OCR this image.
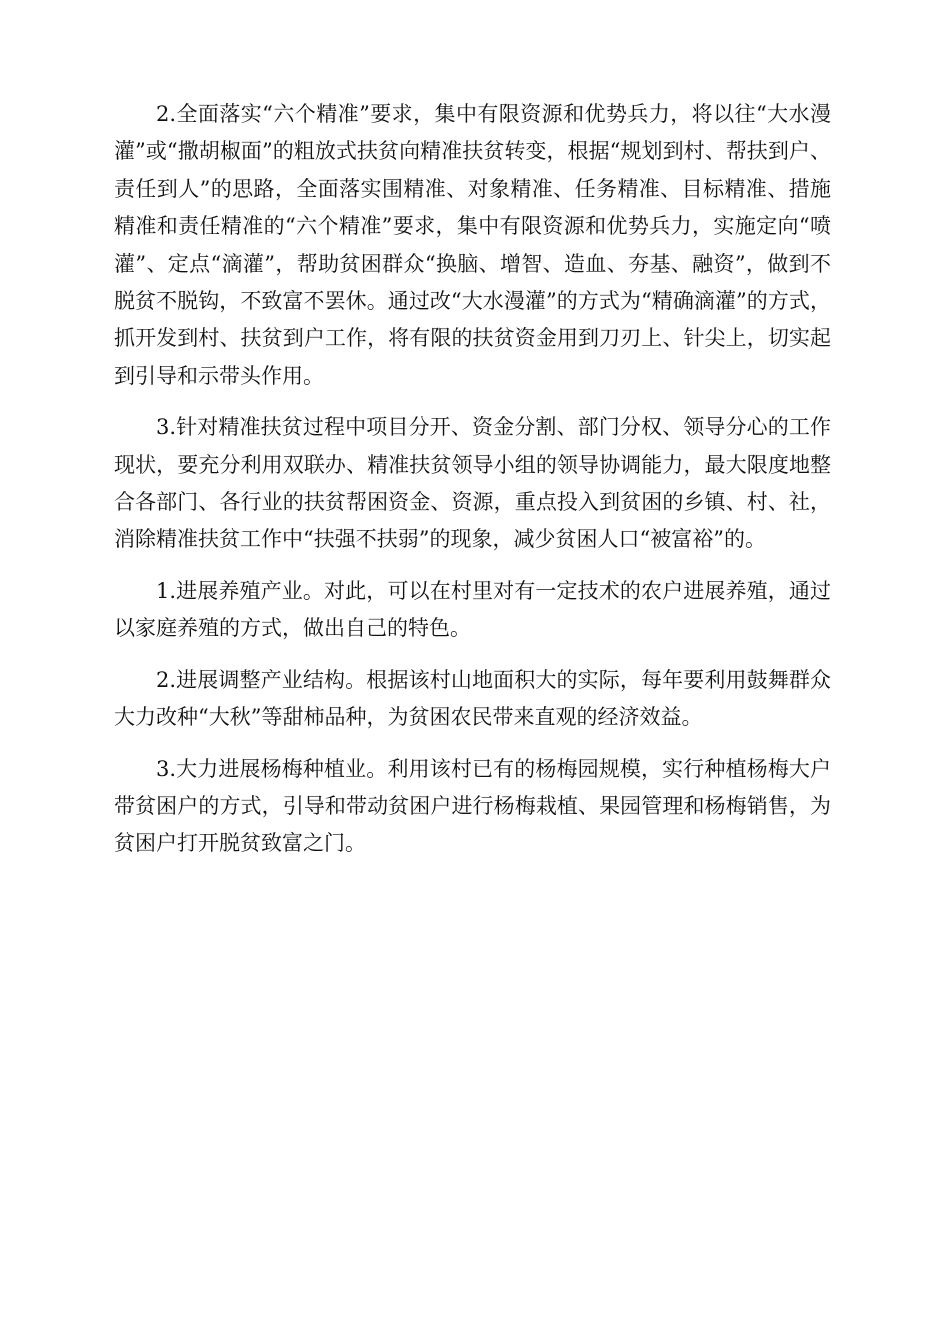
2.全面落实“六个精准”要求，集中有限资源和优势兵力，将以往“大水漫灌”或“撒胡椒面”的粗放式扶贫向精准扶贫转变，根据“规划到村、帮扶到户、责任到人”的思路，全面落实围精准、对象精准、任务精准、目标精准、措施精准和责任精准的“六个精准”要求，集中有限资源和优势兵力，实施定向“喷灌”、定点“滴灌”，帮助贫困群众“换脑、增智、造血、夯基、融资”，做到不脱贫不脱钩，不致富不罢休。通过改“大水漫灌”的方式为“精确滴灌”的方式，抓开发到村、扶贫到户工作，将有限的扶贫资金用到刀刃上、针尖上，切实起到引导和示带头作用。

3.针对精准扶贫过程中项目分开、资金分割、部门分权、领导分心的工作现状，要充分利用双联办、精准扶贫领导小组的领导协调能力，最大限度地整合各部门、各行业的扶贫帮困资金、资源，重点投入到贫困的乡镇、村、社，消除精准扶贫工作中“扶强不扶弱”的现象，减少贫困人口“被富裕”的。

1.进展养殖产业。对此，可以在村里对有一定技术的农户进展养殖，通过以家庭养殖的方式，做出自己的特色。

2.进展调整产业结构。根据该村山地面积大的实际，每年要利用鼓舞群众大力改种“大秋”等甜柿品种，为贫困农民带来直观的经济效益。

3.大力进展杨梅种植业。利用该村已有的杨梅园规模，实行种植杨梅大户带贫困户的方式，引导和带动贫困户进行杨梅栽植、果园管理和杨梅销售，为贫困户打开脱贫致富之门。
